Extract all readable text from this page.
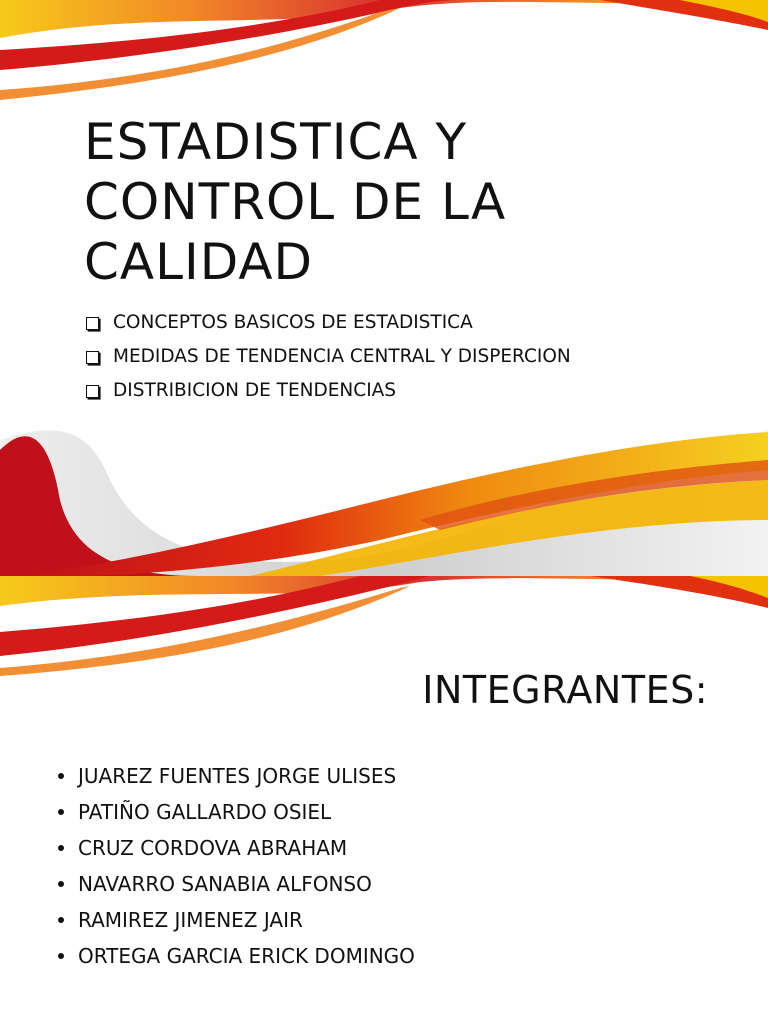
ESTADISTICA Y
CONTROL DE LA
CALIDAD
CONCEPTOS BASICOS DE ESTADISTICA
MEDIDAS DE TENDENCIA CENTRAL Y DISPERCION
DISTRIBICION DE TENDENCIAS
INTEGRANTES:
JUAREZ FUENTES JORGE ULISES
PATIÑO GALLARDO OSIEL
CRUZ CORDOVA ABRAHAM
NAVARRO SANABIA ALFONSO
RAMIREZ JIMENEZ JAIR
ORTEGA GARCIA ERICK DOMINGO
